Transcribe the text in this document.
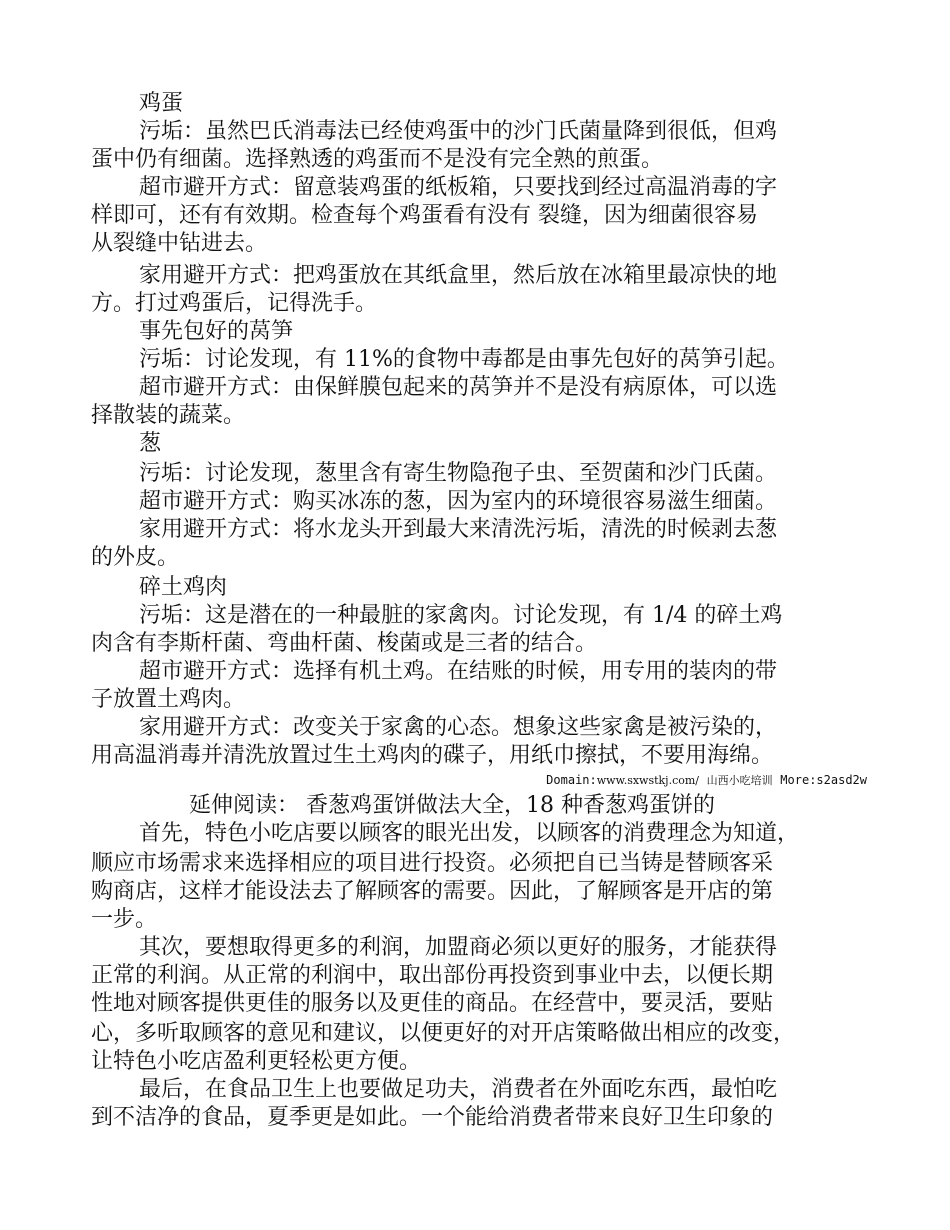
鸡蛋
污垢：虽然巴氏消毒法已经使鸡蛋中的沙门氏菌量降到很低，但鸡
蛋中仍有细菌。选择熟透的鸡蛋而不是没有完全熟的煎蛋。
超市避开方式：留意装鸡蛋的纸板箱，只要找到经过高温消毒的字
样即可，还有有效期。检查每个鸡蛋看有没有 裂缝，因为细菌很容易
从裂缝中钻进去。
家用避开方式：把鸡蛋放在其纸盒里，然后放在冰箱里最凉快的地
方。打过鸡蛋后，记得洗手。
事先包好的莴笋
污垢：讨论发现，有 11%的食物中毒都是由事先包好的莴笋引起。
超市避开方式：由保鲜膜包起来的莴笋并不是没有病原体，可以选
择散装的蔬菜。
葱
污垢：讨论发现，葱里含有寄生物隐孢子虫、至贺菌和沙门氏菌。
超市避开方式：购买冰冻的葱，因为室内的环境很容易滋生细菌。
家用避开方式：将水龙头开到最大来清洗污垢，清洗的时候剥去葱
的外皮。
碎土鸡肉
污垢：这是潜在的一种最脏的家禽肉。讨论发现，有 1/4 的碎土鸡
肉含有李斯杆菌、弯曲杆菌、梭菌或是三者的结合。
超市避开方式：选择有机土鸡。在结账的时候，用专用的装肉的带
子放置土鸡肉。
家用避开方式：改变关于家禽的心态。想象这些家禽是被污染的，
用高温消毒并清洗放置过生土鸡肉的碟子，用纸巾擦拭，不要用海绵。
Domain:www.sxwstkj.com/ 山西小吃培训 More:s2asd2w
延伸阅读： 香葱鸡蛋饼做法大全，18 种香葱鸡蛋饼的
首先，特色小吃店要以顾客的眼光出发，以顾客的消费理念为知道，
顺应市场需求来选择相应的项目进行投资。必须把自已当铸是替顾客采
购商店，这样才能设法去了解顾客的需要。因此，了解顾客是开店的第
一步。
其次，要想取得更多的利润，加盟商必须以更好的服务，才能获得
正常的利润。从正常的利润中，取出部份再投资到事业中去，以便长期
性地对顾客提供更佳的服务以及更佳的商品。在经营中，要灵活，要贴
心，多听取顾客的意见和建议，以便更好的对开店策略做出相应的改变，
让特色小吃店盈利更轻松更方便。
最后，在食品卫生上也要做足功夫，消费者在外面吃东西，最怕吃
到不洁净的食品，夏季更是如此。一个能给消费者带来良好卫生印象的
